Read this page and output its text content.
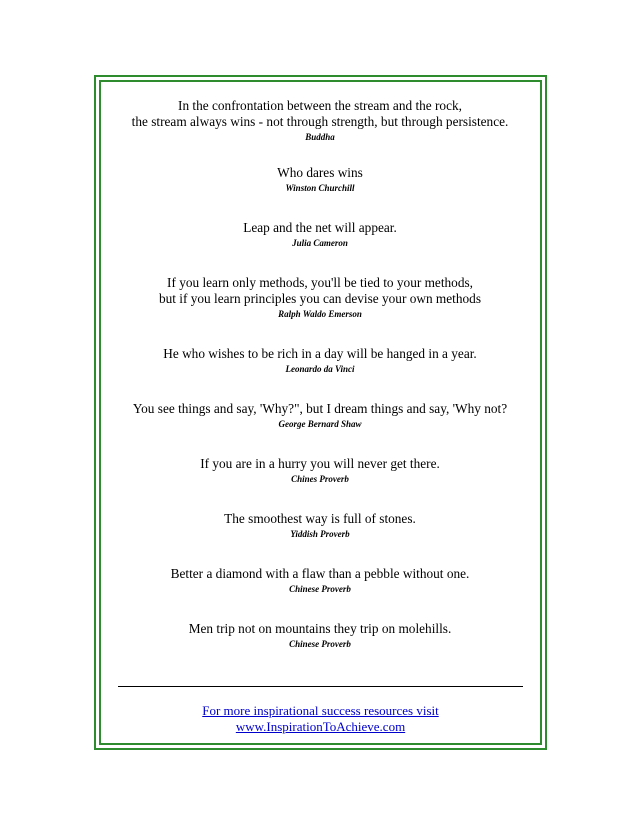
In the confrontation between the stream and the rock,
the stream always wins - not through strength, but through persistence.
Buddha
Who dares wins
Winston Churchill
Leap and the net will appear.
Julia Cameron
If you learn only methods, you'll be tied to your methods,
but if you learn principles you can devise your own methods
Ralph Waldo Emerson
He who wishes to be rich in a day will be hanged in a year.
Leonardo da Vinci
You see things and say, 'Why?", but I dream things and say, 'Why not?
George Bernard Shaw
If you are in a hurry you will never get there.
Chines Proverb
The smoothest way is full of stones.
Yiddish Proverb
Better a diamond with a flaw than a pebble without one.
Chinese Proverb
Men trip not on mountains they trip on molehills.
Chinese Proverb
For more inspirational success resources visit www.InspirationToAchieve.com
